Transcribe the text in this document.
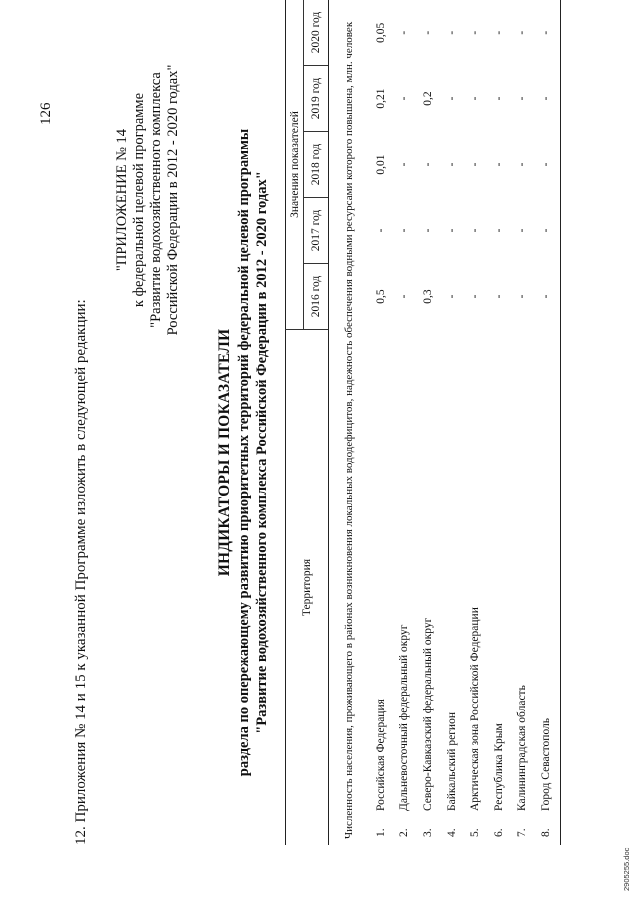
126
12. Приложения № 14 и 15 к указанной Программе изложить в следующей редакции:
"ПРИЛОЖЕНИЕ № 14 к федеральной целевой программе "Развитие водохозяйственного комплекса Российской Федерации в 2012 - 2020 годах"
ИНДИКАТОРЫ И ПОКАЗАТЕЛИ раздела по опережающему развитию приоритетных территорий федеральной целевой программы "Развитие водохозяйственного комплекса Российской Федерации в 2012 - 2020 годах"	Территория		Значения показателей				
		2016 год	2017 год	2018 год	2019 год	2020 год
Численность населения, проживающего в районах возникновения локальных вододефицитов, надежность обеспечения водными ресурсами которого повышена, млн. человек						
1.	Российская Федерация	0,5	-	0,01	0,21	0,05
2.	Дальневосточный федеральный округ	-	-	-	-	-
3.	Северо-Кавказский федеральный округ	0,3	-	-	0,2	-
4.	Байкальский регион	-	-	-	-	-
5.	Арктическая зона Российской Федерации	-	-	-	-	-
6.	Республика Крым	-	-	-	-	-
7.	Калининградская область	-	-	-	-	-
8.	Город Севастополь	-	-	-	-	-

2905255.doc
